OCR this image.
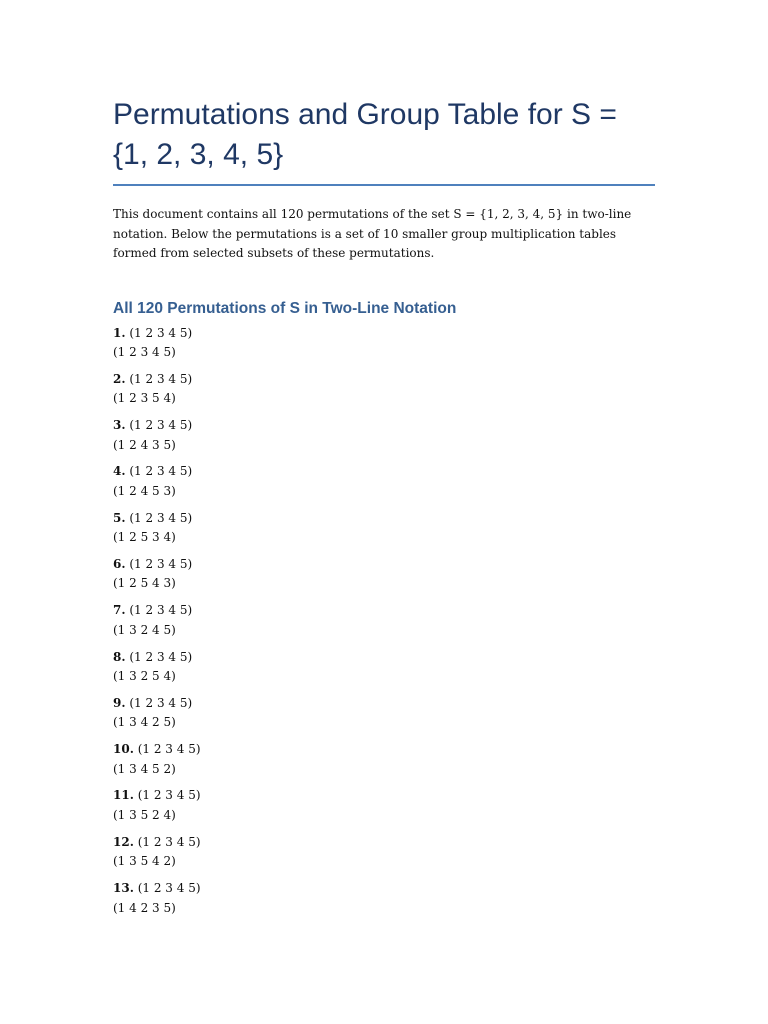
Permutations and Group Table for S = {1, 2, 3, 4, 5}

This document contains all 120 permutations of the set S = {1, 2, 3, 4, 5} in two-line notation. Below the permutations is a set of 10 smaller group multiplication tables formed from selected subsets of these permutations.

All 120 Permutations of S in Two-Line Notation
1. (1 2 3 4 5)
(1 2 3 4 5)
2. (1 2 3 4 5)
(1 2 3 5 4)
3. (1 2 3 4 5)
(1 2 4 3 5)
4. (1 2 3 4 5)
(1 2 4 5 3)
5. (1 2 3 4 5)
(1 2 5 3 4)
6. (1 2 3 4 5)
(1 2 5 4 3)
7. (1 2 3 4 5)
(1 3 2 4 5)
8. (1 2 3 4 5)
(1 3 2 5 4)
9. (1 2 3 4 5)
(1 3 4 2 5)
10. (1 2 3 4 5)
(1 3 4 5 2)
11. (1 2 3 4 5)
(1 3 5 2 4)
12. (1 2 3 4 5)
(1 3 5 4 2)
13. (1 2 3 4 5)
(1 4 2 3 5)
